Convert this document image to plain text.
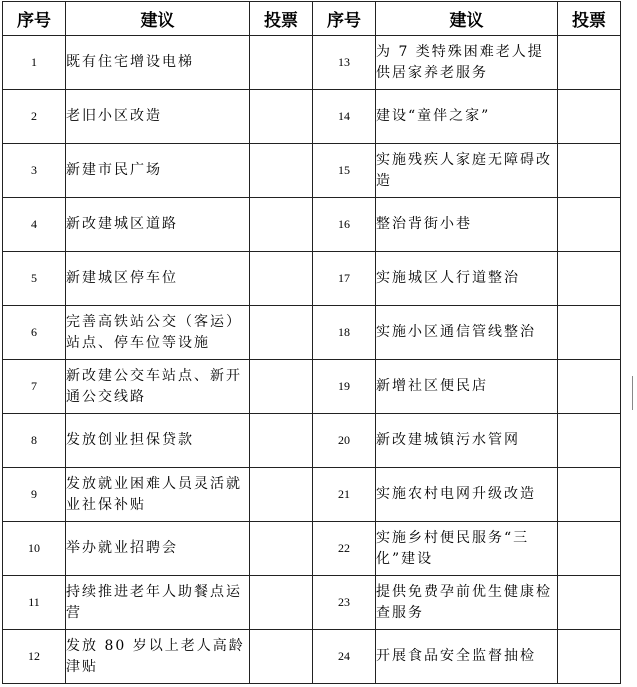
序号	建议	投票	序号	建议	投票
1	既有住宅增设电梯		13	为 7 类特殊困难老人提供居家养老服务	
2	老旧小区改造		14	建设“童伴之家”	
3	新建市民广场		15	实施残疾人家庭无障碍改造	
4	新改建城区道路		16	整治背街小巷	
5	新建城区停车位		17	实施城区人行道整治	
6	完善高铁站公交（客运）站点、停车位等设施		18	实施小区通信管线整治	
7	新改建公交车站点、新开通公交线路		19	新增社区便民店	
8	发放创业担保贷款		20	新改建城镇污水管网	
9	发放就业困难人员灵活就业社保补贴		21	实施农村电网升级改造	
10	举办就业招聘会		22	实施乡村便民服务“三化”建设	
11	持续推进老年人助餐点运营		23	提供免费孕前优生健康检查服务	
12	发放 80 岁以上老人高龄津贴		24	开展食品安全监督抽检	
